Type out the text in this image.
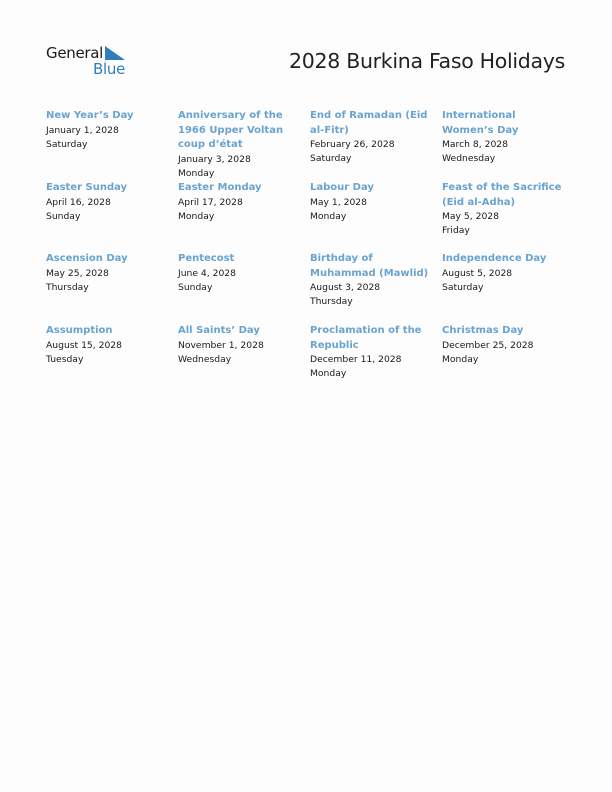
General
Blue	2028 Burkina Faso Holidays
New Year’s Day
January 1, 2028
Saturday
Anniversary of the 1966 Upper Voltan coup d’état
January 3, 2028
Monday
End of Ramadan (Eid al-Fitr)
February 26, 2028
Saturday
International Women’s Day
March 8, 2028
Wednesday
Easter Sunday
April 16, 2028
Sunday
Easter Monday
April 17, 2028
Monday
Labour Day
May 1, 2028
Monday
Feast of the Sacrifice (Eid al-Adha)
May 5, 2028
Friday
Ascension Day
May 25, 2028
Thursday
Pentecost
June 4, 2028
Sunday
Birthday of Muhammad (Mawlid)
August 3, 2028
Thursday
Independence Day
August 5, 2028
Saturday
Assumption
August 15, 2028
Tuesday
All Saints’ Day
November 1, 2028
Wednesday
Proclamation of the Republic
December 11, 2028
Monday
Christmas Day
December 25, 2028
Monday
